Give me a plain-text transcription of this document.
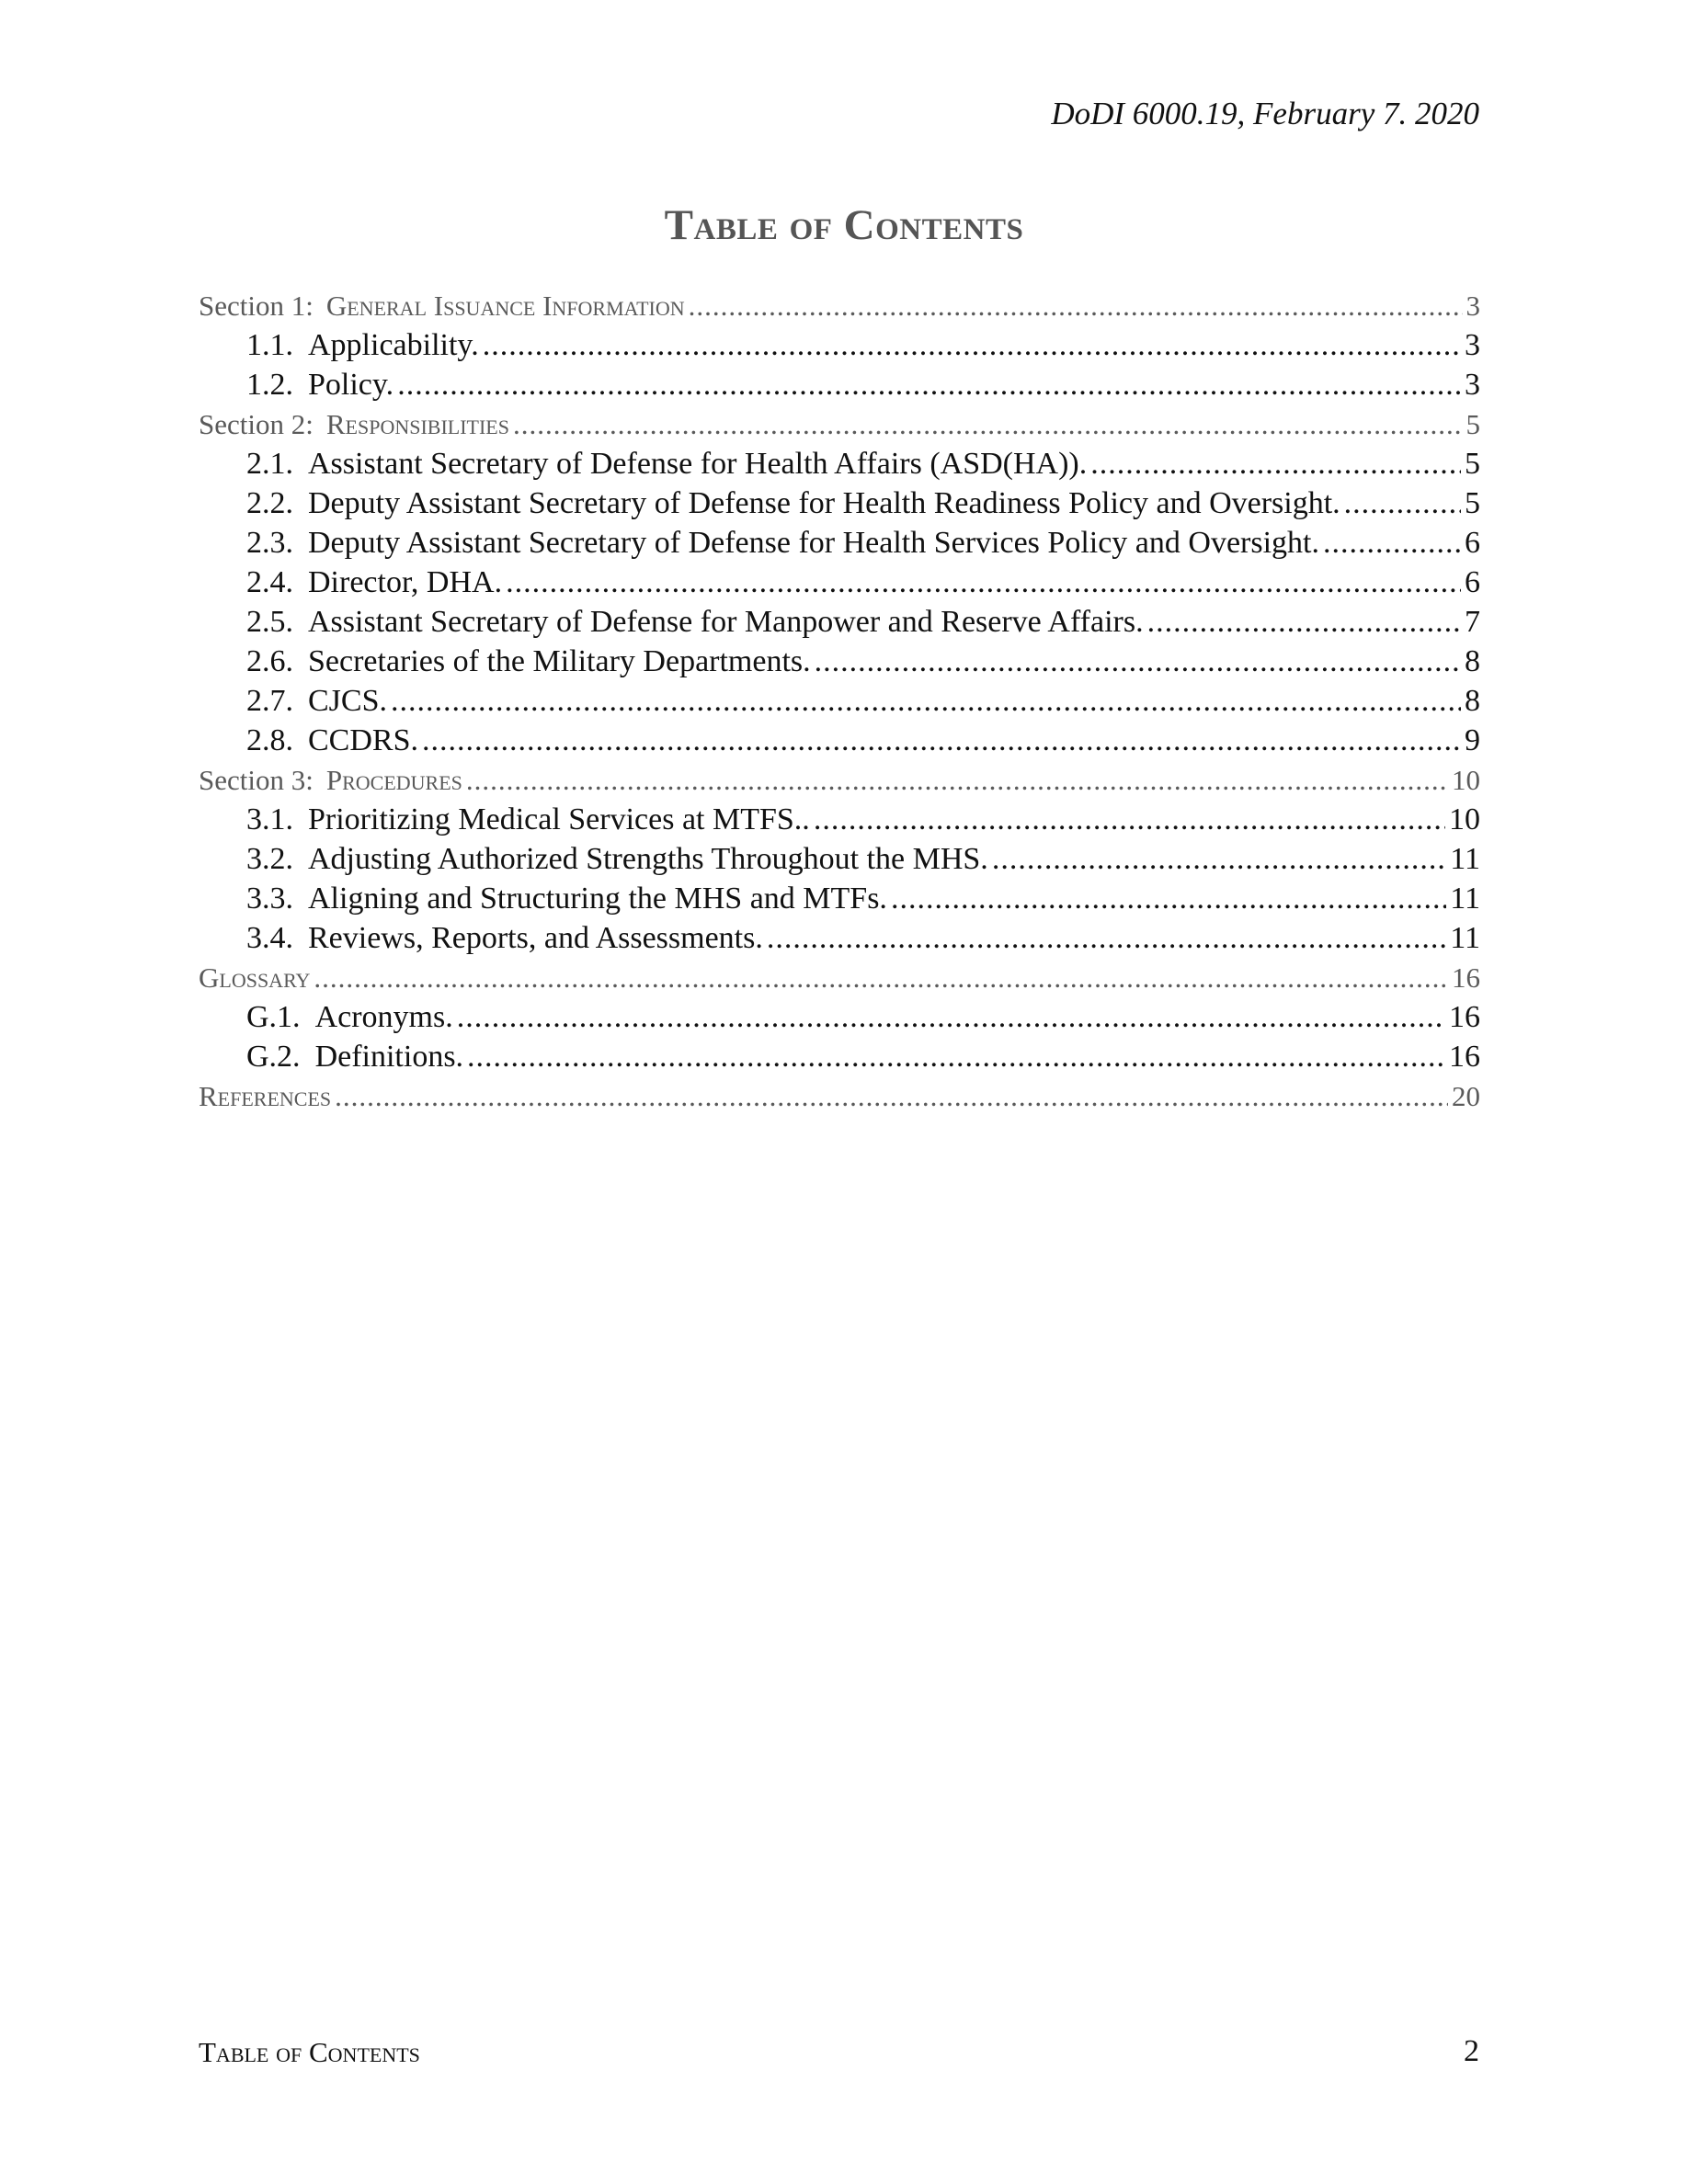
DoDI 6000.19, February 7. 2020
Table of Contents
Section 1: General Issuance Information .....	3
1.1. Applicability. .....	3
1.2. Policy. .....	3
Section 2: Responsibilities .....	5
2.1. Assistant Secretary of Defense for Health Affairs (ASD(HA)). .....	5
2.2. Deputy Assistant Secretary of Defense for Health Readiness Policy and Oversight. .....	5
2.3. Deputy Assistant Secretary of Defense for Health Services Policy and Oversight. .....	6
2.4. Director, DHA. .....	6
2.5. Assistant Secretary of Defense for Manpower and Reserve Affairs. .....	7
2.6. Secretaries of the Military Departments. .....	8
2.7. CJCS. .....	8
2.8. CCDRS. .....	9
Section 3: Procedures .....	10
3.1. Prioritizing Medical Services at MTFS.. .....	10
3.2. Adjusting Authorized Strengths Throughout the MHS. .....	11
3.3. Aligning and Structuring the MHS and MTFs. .....	11
3.4. Reviews, Reports, and Assessments. .....	11
Glossary .....	16
G.1. Acronyms. .....	16
G.2. Definitions. .....	16
References .....	20
Table of Contents	2
